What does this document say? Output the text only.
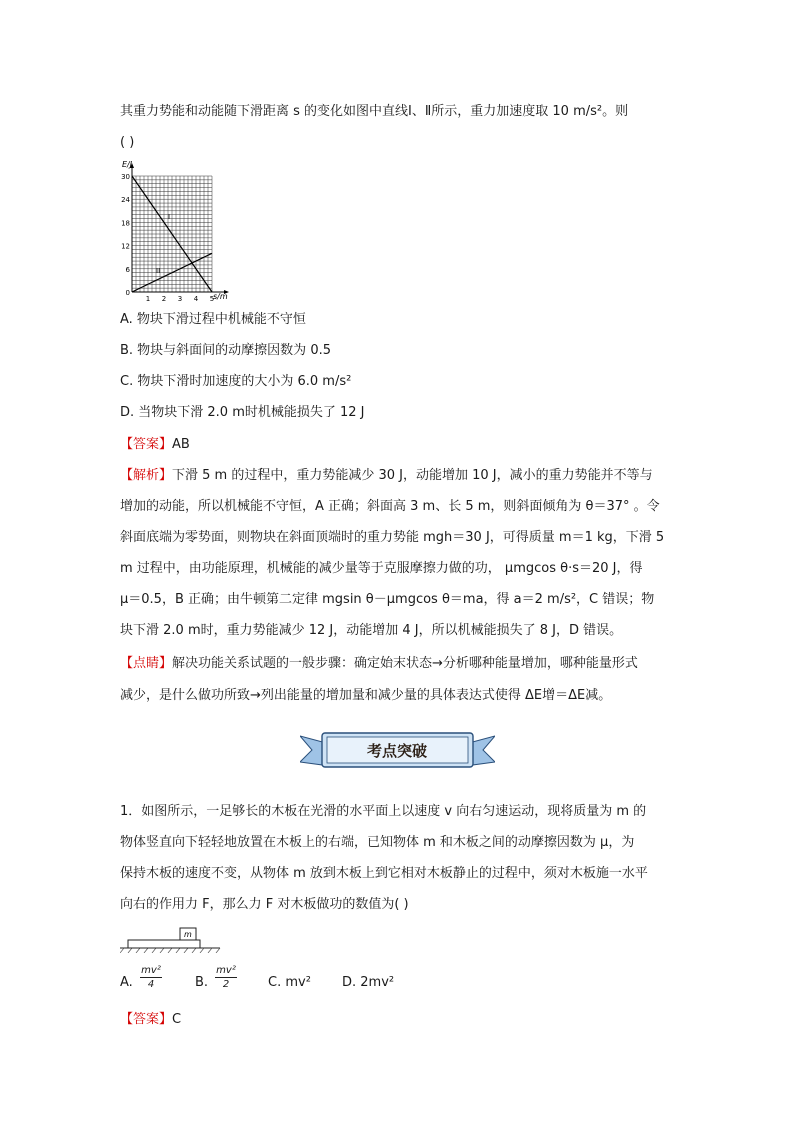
其重力势能和动能随下滑距离 s 的变化如图中直线Ⅰ、Ⅱ所示，重力加速度取 10 m/s²。则
( )
E/J
s/m
30
24
18
12
6
0
1 2 3 4 5
I
II
A. 物块下滑过程中机械能不守恒
B. 物块与斜面间的动摩擦因数为 0.5
C. 物块下滑时加速度的大小为 6.0 m/s²
D. 当物块下滑 2.0 m时机械能损失了 12 J
【答案】AB
【解析】下滑 5 m 的过程中，重力势能减少 30 J，动能增加 10 J，减小的重力势能并不等与
增加的动能，所以机械能不守恒，A 正确；斜面高 3 m、长 5 m，则斜面倾角为 θ＝37° 。令
斜面底端为零势面，则物块在斜面顶端时的重力势能 mgh＝30 J，可得质量 m＝1 kg，下滑 5
m 过程中，由功能原理，机械能的减少量等于克服摩擦力做的功， μmgcos θ·s＝20 J，得
μ＝0.5，B 正确；由牛顿第二定律 mgsin θ－μmgcos θ＝ma，得 a＝2 m/s²，C 错误；物
块下滑 2.0 m时，重力势能减少 12 J，动能增加 4 J，所以机械能损失了 8 J，D 错误。
【点睛】解决功能关系试题的一般步骤：确定始末状态→分析哪种能量增加，哪种能量形式
减少，是什么做功所致→列出能量的增加量和减少量的具体表达式使得 ΔE增＝ΔE减。
考点突破
1．如图所示，一足够长的木板在光滑的水平面上以速度 v 向右匀速运动，现将质量为 m 的
物体竖直向下轻轻地放置在木板上的右端，已知物体 m 和木板之间的动摩擦因数为 μ，为
保持木板的速度不变，从物体 m 放到木板上到它相对木板静止的过程中，须对木板施一水平
向右的作用力 F，那么力 F 对木板做功的数值为( )
m
A.
mv²
4	B.
mv²
2	C. mv² D. 2mv²
【答案】C
